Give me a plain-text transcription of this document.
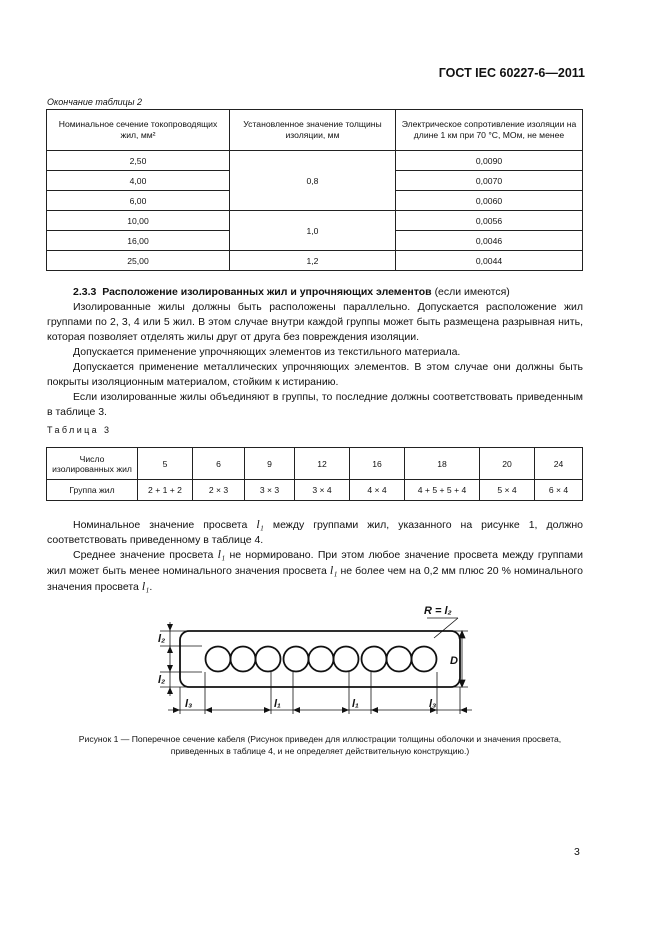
ГОСТ IEC 60227-6—2011
Окончание таблицы 2
Номинальное сечение токопроводящих жил, мм²	Установленное значение толщины изоляции, мм	Электрическое сопротивление изоляции на длине 1 км при 70 °С, МОм, не менее
2,50	0,8	0,0090
4,00		0,0070
6,00		0,0060
10,00	1,0	0,0056
16,00		0,0046
25,00	1,2	0,0044
2.3.3 Расположение изолированных жил и упрочняющих элементов (если имеются)
Изолированные жилы должны быть расположены параллельно. Допускается расположение жил группами по 2, 3, 4 или 5 жил. В этом случае внутри каждой группы может быть размещена разрывная нить, которая позволяет отделять жилы друг от друга без повреждения изоляции.
Допускается применение упрочняющих элементов из текстильного материала.
Допускается применение металлических упрочняющих элементов. В этом случае они должны быть покрыты изоляционным материалом, стойким к истиранию.
Если изолированные жилы объединяют в группы, то последние должны соответствовать приведенным в таблице 3.
Таблица 3
Число изолированных жил	5	6	9	12	16	18	20	24
Группа жил	2 + 1 + 2	2 × 3	3 × 3	3 × 4	4 × 4	4 + 5 + 5 + 4	5 × 4	6 × 4
Номинальное значение просвета l₁ между группами жил, указанного на рисунке 1, должно соответствовать приведенному в таблице 4.
Среднее значение просвета l₁ не нормировано. При этом любое значение просвета между группами жил может быть менее номинального значения просвета l₁ не более чем на 0,2 мм плюс 20 % номинального значения просвета l₁.
R = l₂
D
l₂
l₂
l₃	l₁	l₁	l₃
Рисунок 1 — Поперечное сечение кабеля (Рисунок приведен для иллюстрации толщины оболочки и значения просвета, приведенных в таблице 4, и не определяет действительную конструкцию.)
3
